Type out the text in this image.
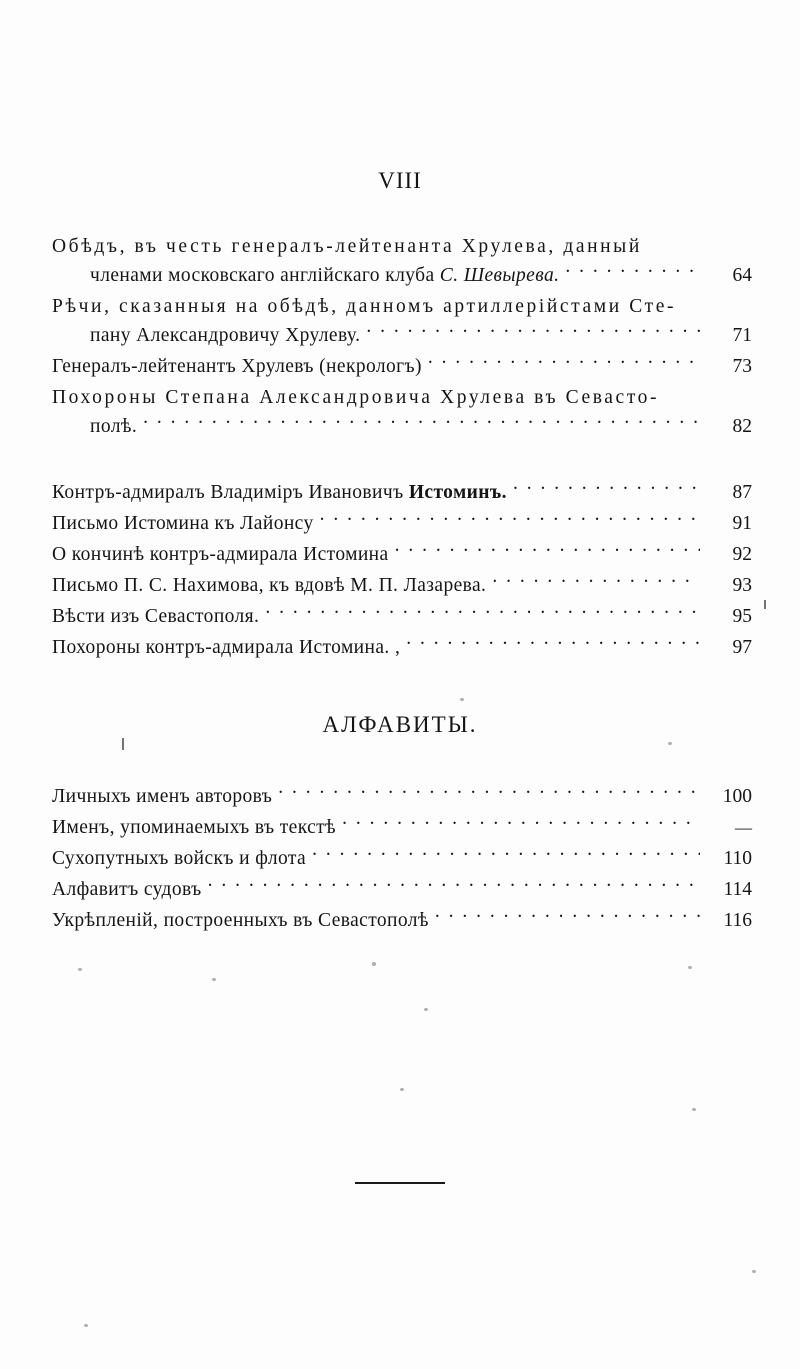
VIII
Обѣдъ, въ честь генералъ-лейтенанта Хрулева, данный
членами московскаго англійскаго клуба С. Шевырева. . . .	64
Рѣчи, сказанныя на обѣдѣ, данномъ артиллерійстами Сте-
пану Александровичу Хрулеву. . . .	71
Генералъ-лейтенантъ Хрулевъ (некрологъ) . . .	73
Похороны Степана Александровича Хрулева въ Севасто-
полѣ. . . .	82
Контръ-адмиралъ Владиміръ Ивановичъ Истоминъ. . . .	87
Письмо Истомина къ Лайонсу . . .	91
О кончинѣ контръ-адмирала Истомина . . .	92
Письмо П. С. Нахимова, къ вдовѣ М. П. Лазарева. . . .	93
Вѣсти изъ Севастополя. . . .	95
Похороны контръ-адмирала Истомина. , . . .	97
АЛФАВИТЫ.
Личныхъ именъ авторовъ . . .	100
Именъ, упоминаемыхъ въ текстѣ . . .	—
Сухопутныхъ войскъ и флота . . .	110
Алфавитъ судовъ . . .	114
Укрѣпленій, построенныхъ въ Севастополѣ . . .	116
